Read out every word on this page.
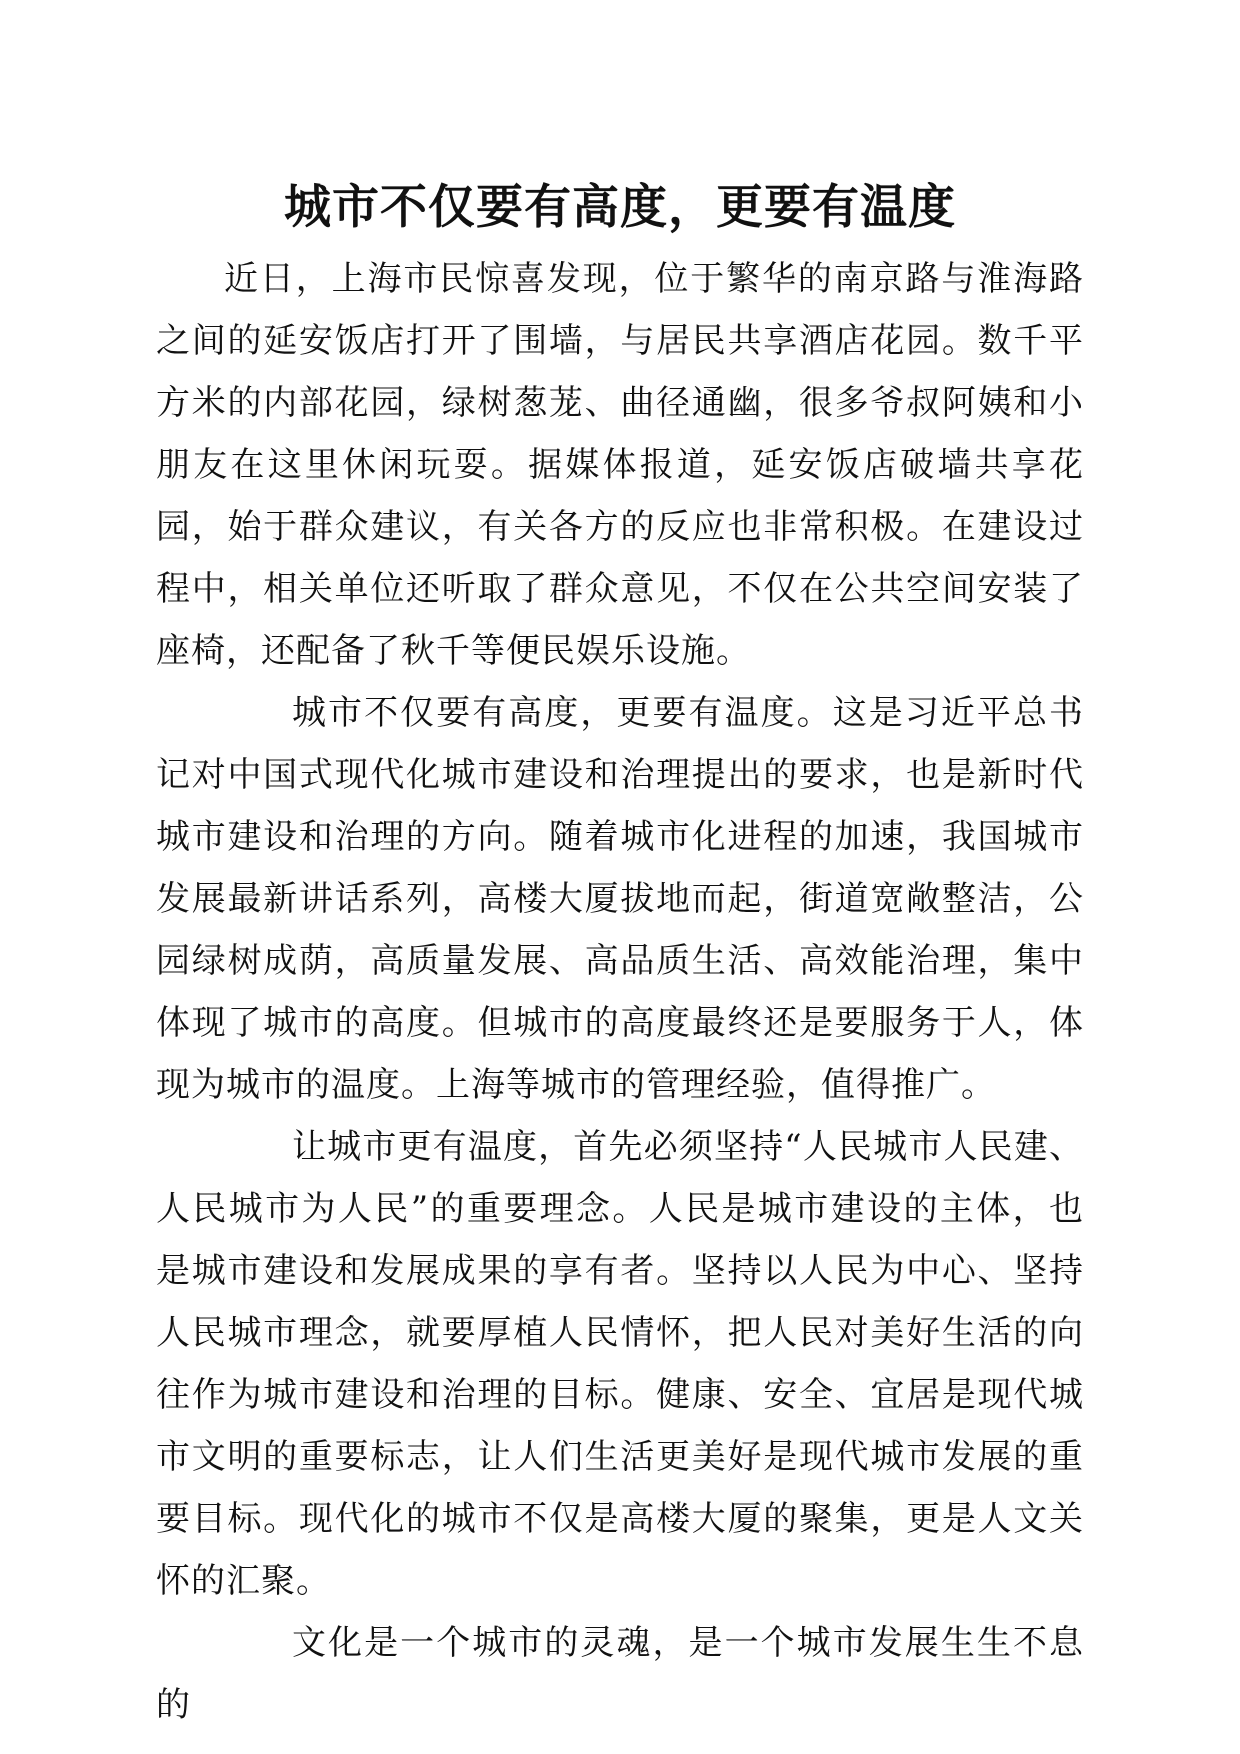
城市不仅要有高度，更要有温度

近日，上海市民惊喜发现，位于繁华的南京路与淮海路之间的延安饭店打开了围墙，与居民共享酒店花园。数千平方米的内部花园，绿树葱茏、曲径通幽，很多爷叔阿姨和小朋友在这里休闲玩耍。据媒体报道，延安饭店破墙共享花园，始于群众建议，有关各方的反应也非常积极。在建设过程中，相关单位还听取了群众意见，不仅在公共空间安装了座椅，还配备了秋千等便民娱乐设施。

城市不仅要有高度，更要有温度。这是习近平总书记对中国式现代化城市建设和治理提出的要求，也是新时代城市建设和治理的方向。随着城市化进程的加速，我国城市发展最新讲话系列，高楼大厦拔地而起，街道宽敞整洁，公园绿树成荫，高质量发展、高品质生活、高效能治理，集中体现了城市的高度。但城市的高度最终还是要服务于人，体现为城市的温度。上海等城市的管理经验，值得推广。

让城市更有温度，首先必须坚持“人民城市人民建、人民城市为人民”的重要理念。人民是城市建设的主体，也是城市建设和发展成果的享有者。坚持以人民为中心、坚持人民城市理念，就要厚植人民情怀，把人民对美好生活的向往作为城市建设和治理的目标。健康、安全、宜居是现代城市文明的重要标志，让人们生活更美好是现代城市发展的重要目标。现代化的城市不仅是高楼大厦的聚集，更是人文关怀的汇聚。

文化是一个城市的灵魂，是一个城市发展生生不息的
